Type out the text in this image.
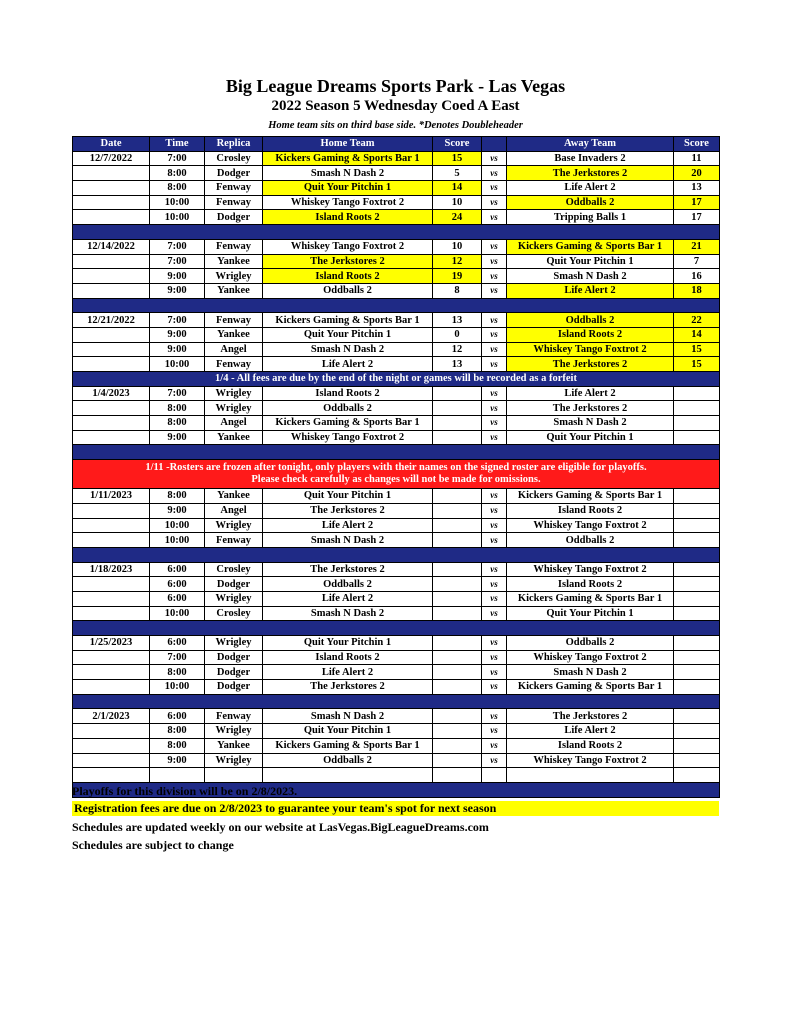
Big League Dreams Sports Park - Las Vegas
2022 Season 5 Wednesday Coed A East
Home team sits on third base side. *Denotes Doubleheader
Date	Time	Replica	Home Team	Score		Away Team	Score
12/7/2022	7:00	Crosley	Kickers Gaming & Sports Bar 1	15	vs	Base Invaders 2	11
	8:00	Dodger	Smash N Dash 2	5	vs	The Jerkstores 2	20
	8:00	Fenway	Quit Your Pitchin 1	14	vs	Life Alert 2	13
	10:00	Fenway	Whiskey Tango Foxtrot 2	10	vs	Oddballs 2	17
	10:00	Dodger	Island Roots 2	24	vs	Tripping Balls 1	17

12/14/2022	7:00	Fenway	Whiskey Tango Foxtrot 2	10	vs	Kickers Gaming & Sports Bar 1	21
	7:00	Yankee	The Jerkstores 2	12	vs	Quit Your Pitchin 1	7
	9:00	Wrigley	Island Roots 2	19	vs	Smash N Dash 2	16
	9:00	Yankee	Oddballs 2	8	vs	Life Alert 2	18

12/21/2022	7:00	Fenway	Kickers Gaming & Sports Bar 1	13	vs	Oddballs 2	22
	9:00	Yankee	Quit Your Pitchin 1	0	vs	Island Roots 2	14
	9:00	Angel	Smash N Dash 2	12	vs	Whiskey Tango Foxtrot 2	15
	10:00	Fenway	Life Alert 2	13	vs	The Jerkstores 2	15
1/4 - All fees are due by the end of the night or games will be recorded as a forfeit							
1/4/2023	7:00	Wrigley	Island Roots 2		vs	Life Alert 2	
	8:00	Wrigley	Oddballs 2		vs	The Jerkstores 2	
	8:00	Angel	Kickers Gaming & Sports Bar 1		vs	Smash N Dash 2	
	9:00	Yankee	Whiskey Tango Foxtrot 2		vs	Quit Your Pitchin 1	

1/11 -Rosters are frozen after tonight, only players with their names on the signed roster are eligible for playoffs.
Please check carefully as changes will not be made for omissions.							

1/11/2023	8:00	Yankee	Quit Your Pitchin 1		vs	Kickers Gaming & Sports Bar 1	
	9:00	Angel	The Jerkstores 2		vs	Island Roots 2	
	10:00	Wrigley	Life Alert 2		vs	Whiskey Tango Foxtrot 2	
	10:00	Fenway	Smash N Dash 2		vs	Oddballs 2	

1/18/2023	6:00	Crosley	The Jerkstores 2		vs	Whiskey Tango Foxtrot 2	
	6:00	Dodger	Oddballs 2		vs	Island Roots 2	
	6:00	Wrigley	Life Alert 2		vs	Kickers Gaming & Sports Bar 1	
	10:00	Crosley	Smash N Dash 2		vs	Quit Your Pitchin 1	

1/25/2023	6:00	Wrigley	Quit Your Pitchin 1		vs	Oddballs 2	
	7:00	Dodger	Island Roots 2		vs	Whiskey Tango Foxtrot 2	
	8:00	Dodger	Life Alert 2		vs	Smash N Dash 2	
	10:00	Dodger	The Jerkstores 2		vs	Kickers Gaming & Sports Bar 1	

2/1/2023	6:00	Fenway	Smash N Dash 2		vs	The Jerkstores 2	
	8:00	Wrigley	Quit Your Pitchin 1		vs	Life Alert 2	
	8:00	Yankee	Kickers Gaming & Sports Bar 1		vs	Island Roots 2	
	9:00	Wrigley	Oddballs 2		vs	Whiskey Tango Foxtrot 2	

Playoffs for this division will be on 2/8/2023.
Registration fees are due on 2/8/2023 to guarantee your team's spot for next season
Schedules are updated weekly on our website at LasVegas.BigLeagueDreams.com
Schedules are subject to change
